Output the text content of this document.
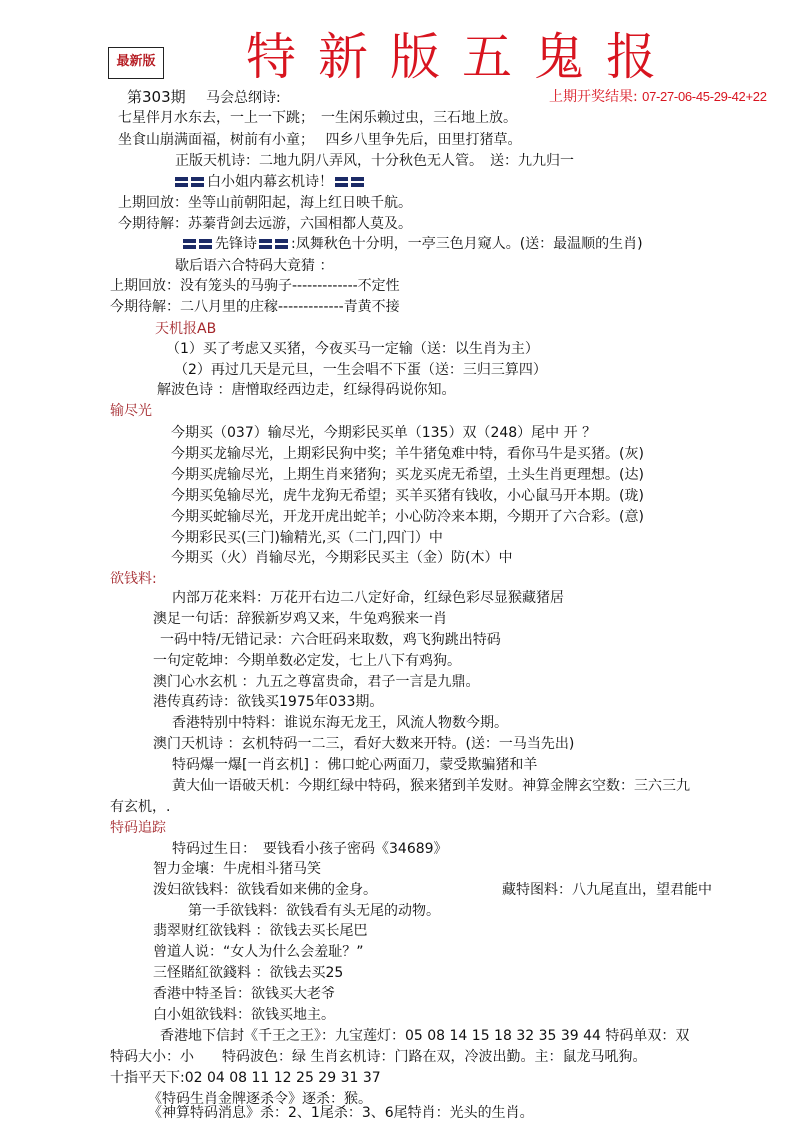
最新版 特新版五鬼报
第303期 马会总纲诗:	上期开奖结果: 07-27-06-45-29-42+22
七星伴月水东去，一上一下跳；　一生闲乐赖过虫，三石地上放。
坐食山崩满面福，树前有小童；　 四乡八里争先后，田里打猪草。
正版天机诗：二地九阴八弄风，十分秋色无人管。　送：九九归一
白小姐内幕玄机诗！
上期回放：坐等山前朝阳起，海上红日映千航。
今期待解：苏蓁背剑去远游，六国相都人莫及。
先锋诗 :凤舞秋色十分明，一亭三色月窥人。(送：最温顺的生肖)
歇后语六合特码大竟猜 ：
上期回放：没有笼头的马驹子-------------不定性
今期待解：二八月里的庄稼-------------青黄不接
天机报AB
（1）买了考虑又买猪，今夜买马一定输（送：以生肖为主）
（2）再过几天是元旦，一生会唱不下蛋（送：三归三算四）
解波色诗 ：唐憎取经西边走，红绿得码说你知。
输尽光
今期买（037）输尽光，今期彩民买单（135）双（248）尾中 开 ？
今期买龙输尽光，上期彩民狗中奖；羊牛猪兔难中特，看你马牛是买猪。(灰)
今期买虎输尽光，上期生肖来猪狗；买龙买虎无希望，土头生肖更理想。(达)
今期买兔输尽光，虎牛龙狗无希望；买羊买猪有钱收，小心鼠马开本期。(珑)
今期买蛇输尽光，开龙开虎出蛇羊；小心防冷来本期，今期开了六合彩。(意)
今期彩民买(三门)输精光,买（二门,四门）中
今期买（火）肖输尽光，今期彩民买主（金）防(木）中
欲钱料:
内部万花来料：万花开右边二八定好命，红绿色彩尽显猴藏猪居
澳足一句话：辞猴新岁鸡又来，牛兔鸡猴来一肖
一码中特/无错记录：六合旺码来取数，鸡飞狗跳出特码
一句定乾坤：今期单数必定发，七上八下有鸡狗。
澳门心水玄机 ：九五之尊富贵命，君子一言是九鼎。
港传真药诗：欲钱买1975年033期。
香港特别中特料：谁说东海无龙王，风流人物数今期。
澳门天机诗 ：玄机特码一二三，看好大数来开特。(送：一马当先出)
特码爆一爆[一肖玄机] ：佛口蛇心两面刀，蒙受欺骗猪和羊
黄大仙一语破天机：今期红绿中特码，猴来猪到羊发财。神算金牌玄空数：三六三九
有玄机，.
特码追踪
特码过生日：　要钱看小孩子密码《34689》
智力金壤：牛虎相斗猪马笑
泼妇欲钱料：欲钱看如来佛的金身。	藏特图料：八九尾直出，望君能中
第一手欲钱料：欲钱看有头无尾的动物。
翡翠财红欲钱料 ：欲钱去买长尾巴
曾道人说：“女人为什么会羞耻？”
三怪賭紅欲錢料 ：欲钱去买25
香港中特圣旨：欲钱买大老爷
白小姐欲钱料：欲钱买地主。
香港地下信封《千王之王》：九宝莲灯：05 08 14 15 18 32 35 39 44 特码单双：双
特码大小：小　　特码波色：绿 生肖玄机诗：门路在双，冷波出勤。主：鼠龙马吼狗。
十指平天下:02 04 08 11 12 25 29 31 37
《特码生肖金牌逐杀令》逐杀：猴。
《神算特码消息》杀：2、1尾杀：3、6尾特肖：光头的生肖。
